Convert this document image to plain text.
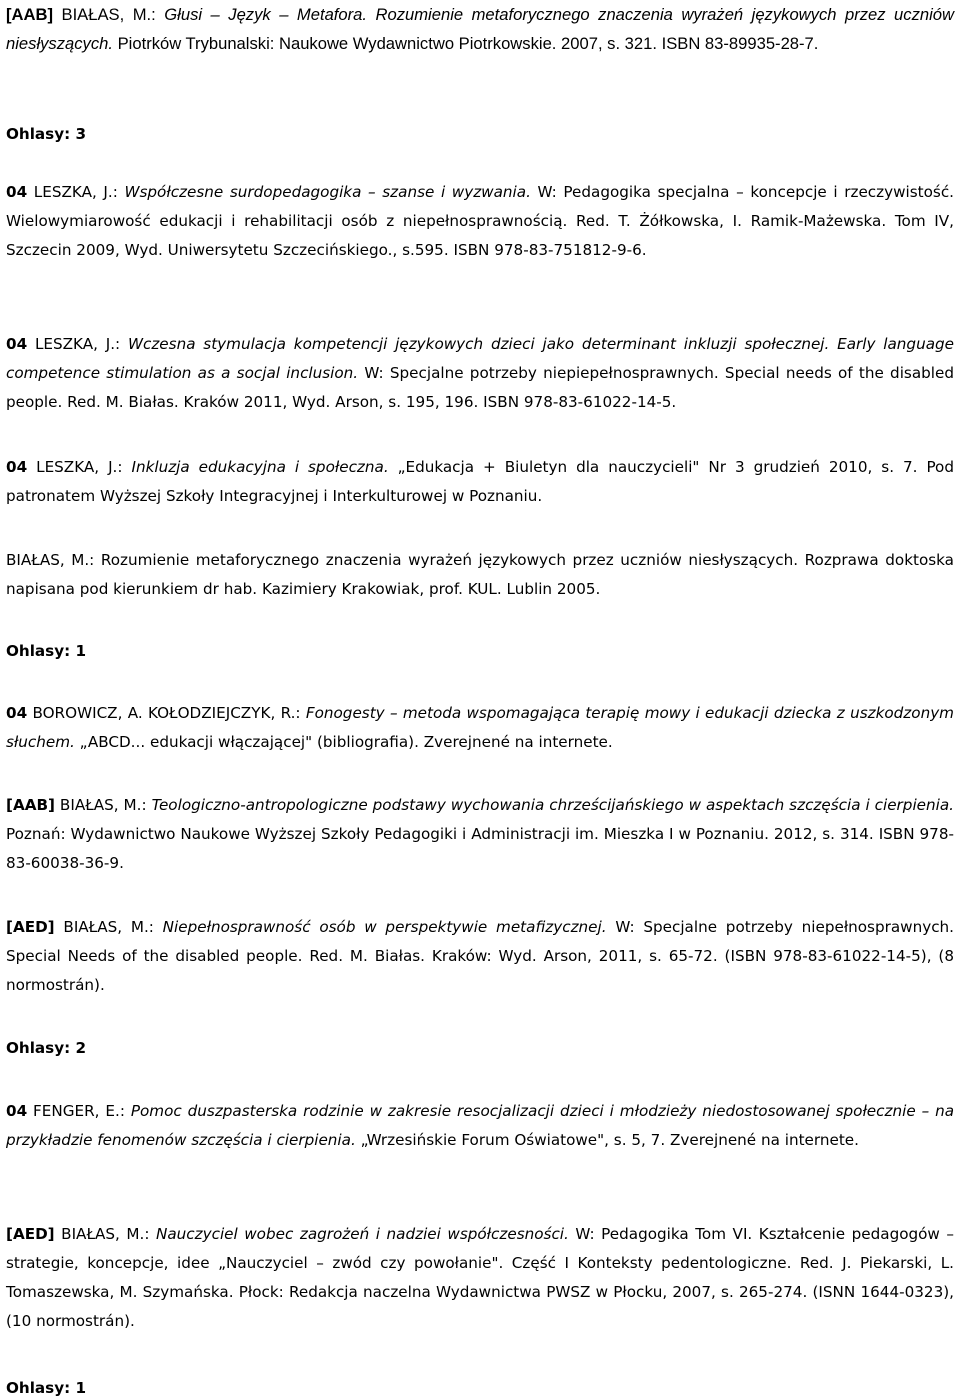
[AAB] BIAŁAS, M.: Głusi – Język – Metafora. Rozumienie metaforycznego znaczenia wyrażeń językowych przez uczniów niesłyszących. Piotrków Trybunalski: Naukowe Wydawnictwo Piotrkowskie. 2007, s. 321. ISBN 83-89935-28-7.

Ohlasy: 3

04 LESZKA, J.: Współczesne surdopedagogika – szanse i wyzwania. W: Pedagogika specjalna – koncepcje i rzeczywistość. Wielowymiarowość edukacji i rehabilitacji osób z niepełnosprawnością. Red. T. Żółkowska, I. Ramik-Mażewska. Tom IV, Szczecin 2009, Wyd. Uniwersytetu Szczecińskiego., s.595. ISBN 978-83-751812-9-6.

04 LESZKA, J.: Wczesna stymulacja kompetencji językowych dzieci jako determinant inkluzji społecznej. Early language competence stimulation as a socjal inclusion. W: Specjalne potrzeby niepiepełnosprawnych. Special needs of the disabled people. Red. M. Białas. Kraków 2011, Wyd. Arson, s. 195, 196. ISBN 978-83-61022-14-5.

04 LESZKA, J.: Inkluzja edukacyjna i społeczna. „Edukacja + Biuletyn dla nauczycieli" Nr 3 grudzień 2010, s. 7. Pod patronatem Wyższej Szkoły Integracyjnej i Interkulturowej w Poznaniu.

BIAŁAS, M.: Rozumienie metaforycznego znaczenia wyrażeń językowych przez uczniów niesłyszących. Rozprawa doktoska napisana pod kierunkiem dr hab. Kazimiery Krakowiak, prof. KUL. Lublin 2005.

Ohlasy: 1

04 BOROWICZ, A. KOŁODZIEJCZYK, R.: Fonogesty – metoda wspomagająca terapię mowy i edukacji dziecka z uszkodzonym słuchem. „ABCD... edukacji włączającej" (bibliografia). Zverejnené na internete.

[AAB] BIAŁAS, M.: Teologiczno-antropologiczne podstawy wychowania chrześcijańskiego w aspektach szczęścia i cierpienia. Poznań: Wydawnictwo Naukowe Wyższej Szkoły Pedagogiki i Administracji im. Mieszka I w Poznaniu. 2012, s. 314. ISBN 978-83-60038-36-9.

[AED] BIAŁAS, M.: Niepełnosprawność osób w perspektywie metafizycznej. W: Specjalne potrzeby niepełnosprawnych. Special Needs of the disabled people. Red. M. Białas. Kraków: Wyd. Arson, 2011, s. 65-72. (ISBN 978-83-61022-14-5), (8 normostrán).

Ohlasy: 2

04 FENGER, E.: Pomoc duszpasterska rodzinie w zakresie resocjalizacji dzieci i młodzieży niedostosowanej społecznie – na przykładzie fenomenów szczęścia i cierpienia. „Wrzesińskie Forum Oświatowe", s. 5, 7. Zverejnené na internete.

[AED] BIAŁAS, M.: Nauczyciel wobec zagrożeń i nadziei współczesności. W: Pedagogika Tom VI. Kształcenie pedagogów – strategie, koncepcje, idee „Nauczyciel – zwód czy powołanie". Część I Konteksty pedentologiczne. Red. J. Piekarski, L. Tomaszewska, M. Szymańska. Płock: Redakcja naczelna Wydawnictwa PWSZ w Płocku, 2007, s. 265-274. (ISNN 1644-0323), (10 normostrán).

Ohlasy: 1
